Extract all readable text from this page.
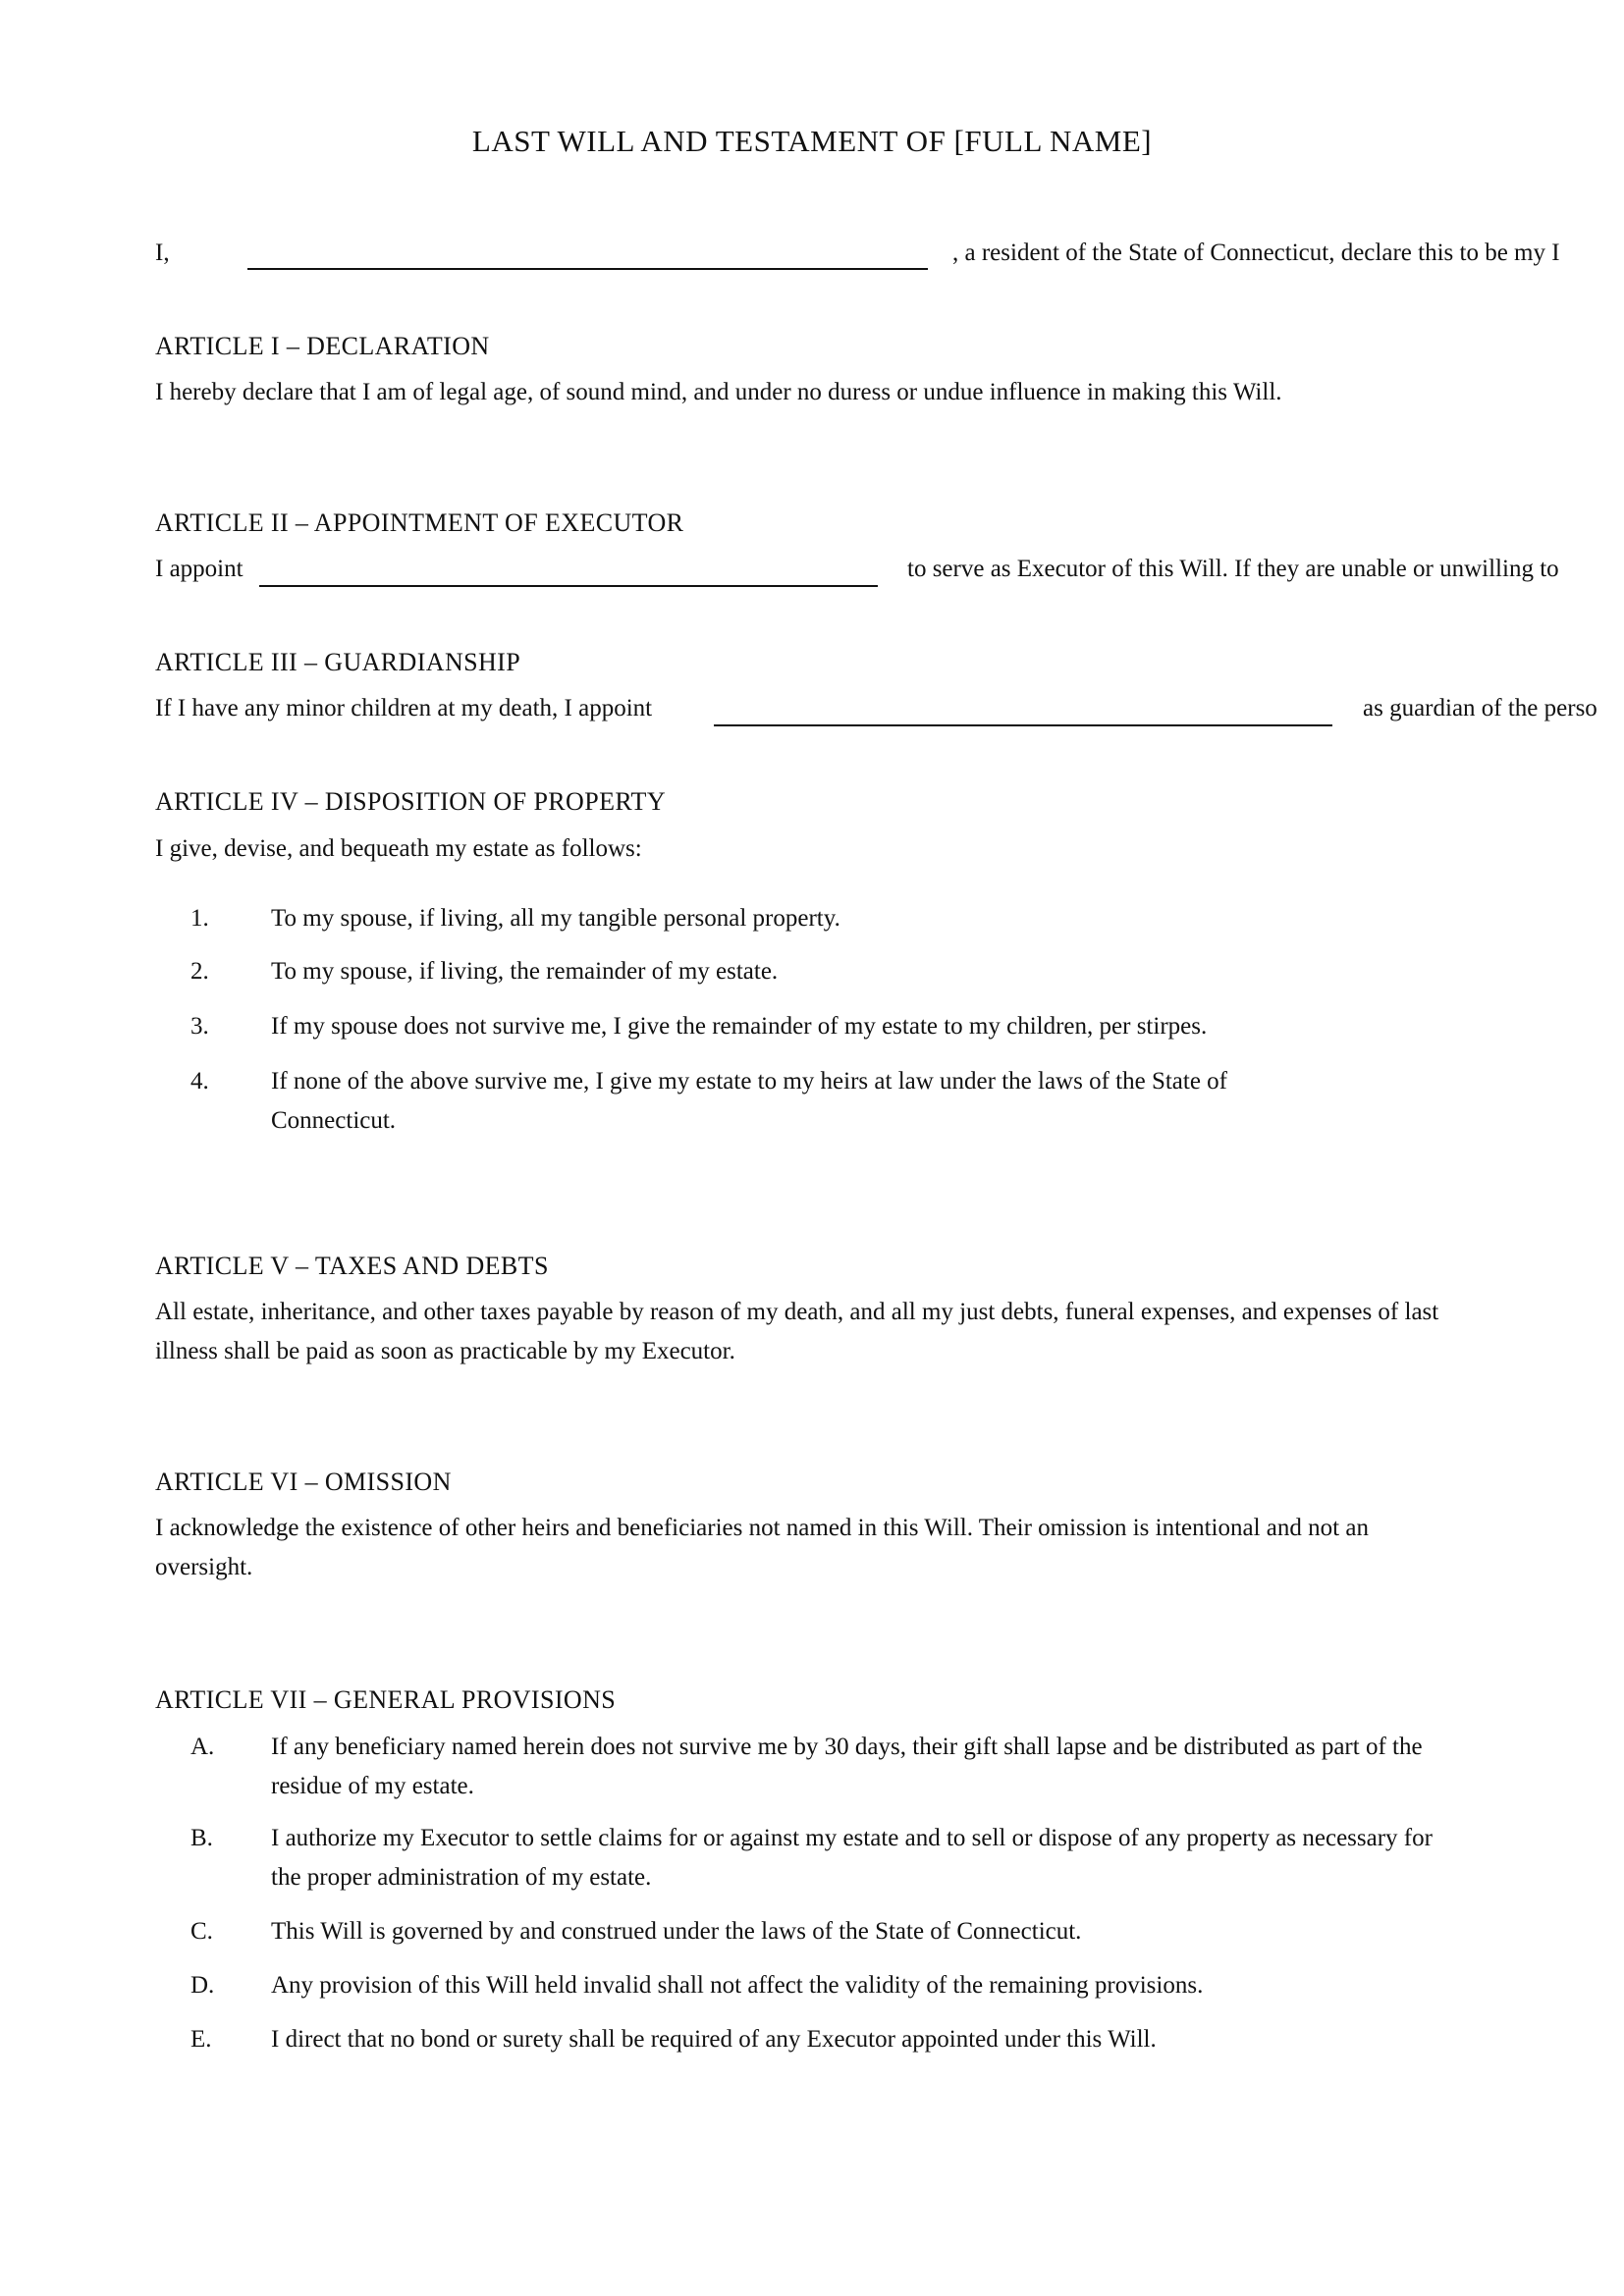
LAST WILL AND TESTAMENT OF [FULL NAME]
I,	, a resident of the State of Connecticut, declare this to be my I
ARTICLE I – DECLARATION

I hereby declare that I am of legal age, of sound mind, and under no duress or undue influence in making this Will.

ARTICLE II – APPOINTMENT OF EXECUTOR
I appoint	to serve as Executor of this Will. If they are unable or unwilling to
ARTICLE III – GUARDIANSHIP
If I have any minor children at my death, I appoint	as guardian of the perso
ARTICLE IV – DISPOSITION OF PROPERTY

I give, devise, and bequeath my estate as follows:

1.	To my spouse, if living, all my tangible personal property.
2.	To my spouse, if living, the remainder of my estate.
3.	If my spouse does not survive me, I give the remainder of my estate to my children, per stirpes.
4.	If none of the above survive me, I give my estate to my heirs at law under the laws of the State of Connecticut.
ARTICLE V – TAXES AND DEBTS

All estate, inheritance, and other taxes payable by reason of my death, and all my just debts, funeral expenses, and expenses of last illness shall be paid as soon as practicable by my Executor.

ARTICLE VI – OMISSION

I acknowledge the existence of other heirs and beneficiaries not named in this Will. Their omission is intentional and not an oversight.

ARTICLE VII – GENERAL PROVISIONS
A.	If any beneficiary named herein does not survive me by 30 days, their gift shall lapse and be distributed as part of the residue of my estate.
B.	I authorize my Executor to settle claims for or against my estate and to sell or dispose of any property as necessary for the proper administration of my estate.
C.	This Will is governed by and construed under the laws of the State of Connecticut.
D.	Any provision of this Will held invalid shall not affect the validity of the remaining provisions.
E.	I direct that no bond or surety shall be required of any Executor appointed under this Will.
